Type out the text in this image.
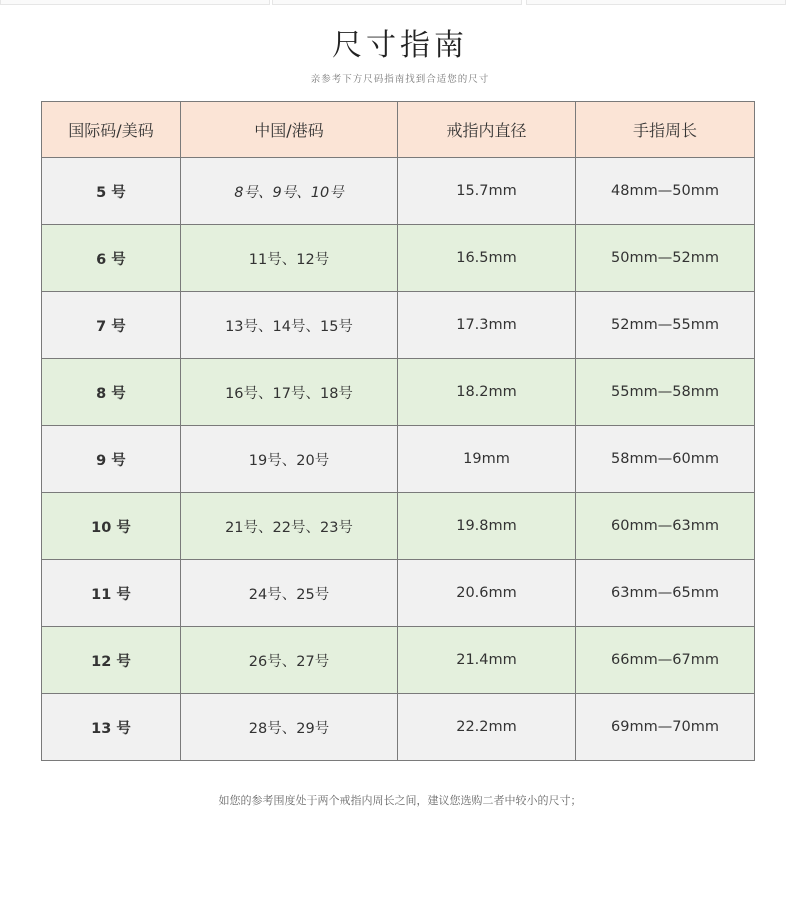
尺寸指南
亲参考下方尺码指南找到合适您的尺寸
国际码/美码	中国/港码	戒指内直径	手指周长
5 号	8号、9号、10号	15.7mm	48mm—50mm
6 号	11号、12号	16.5mm	50mm—52mm
7 号	13号、14号、15号	17.3mm	52mm—55mm
8 号	16号、17号、18号	18.2mm	55mm—58mm
9 号	19号、20号	19mm	58mm—60mm
10 号	21号、22号、23号	19.8mm	60mm—63mm
11 号	24号、25号	20.6mm	63mm—65mm
12 号	26号、27号	21.4mm	66mm—67mm
13 号	28号、29号	22.2mm	69mm—70mm
如您的参考围度处于两个戒指内周长之间，建议您选购二者中较小的尺寸；
